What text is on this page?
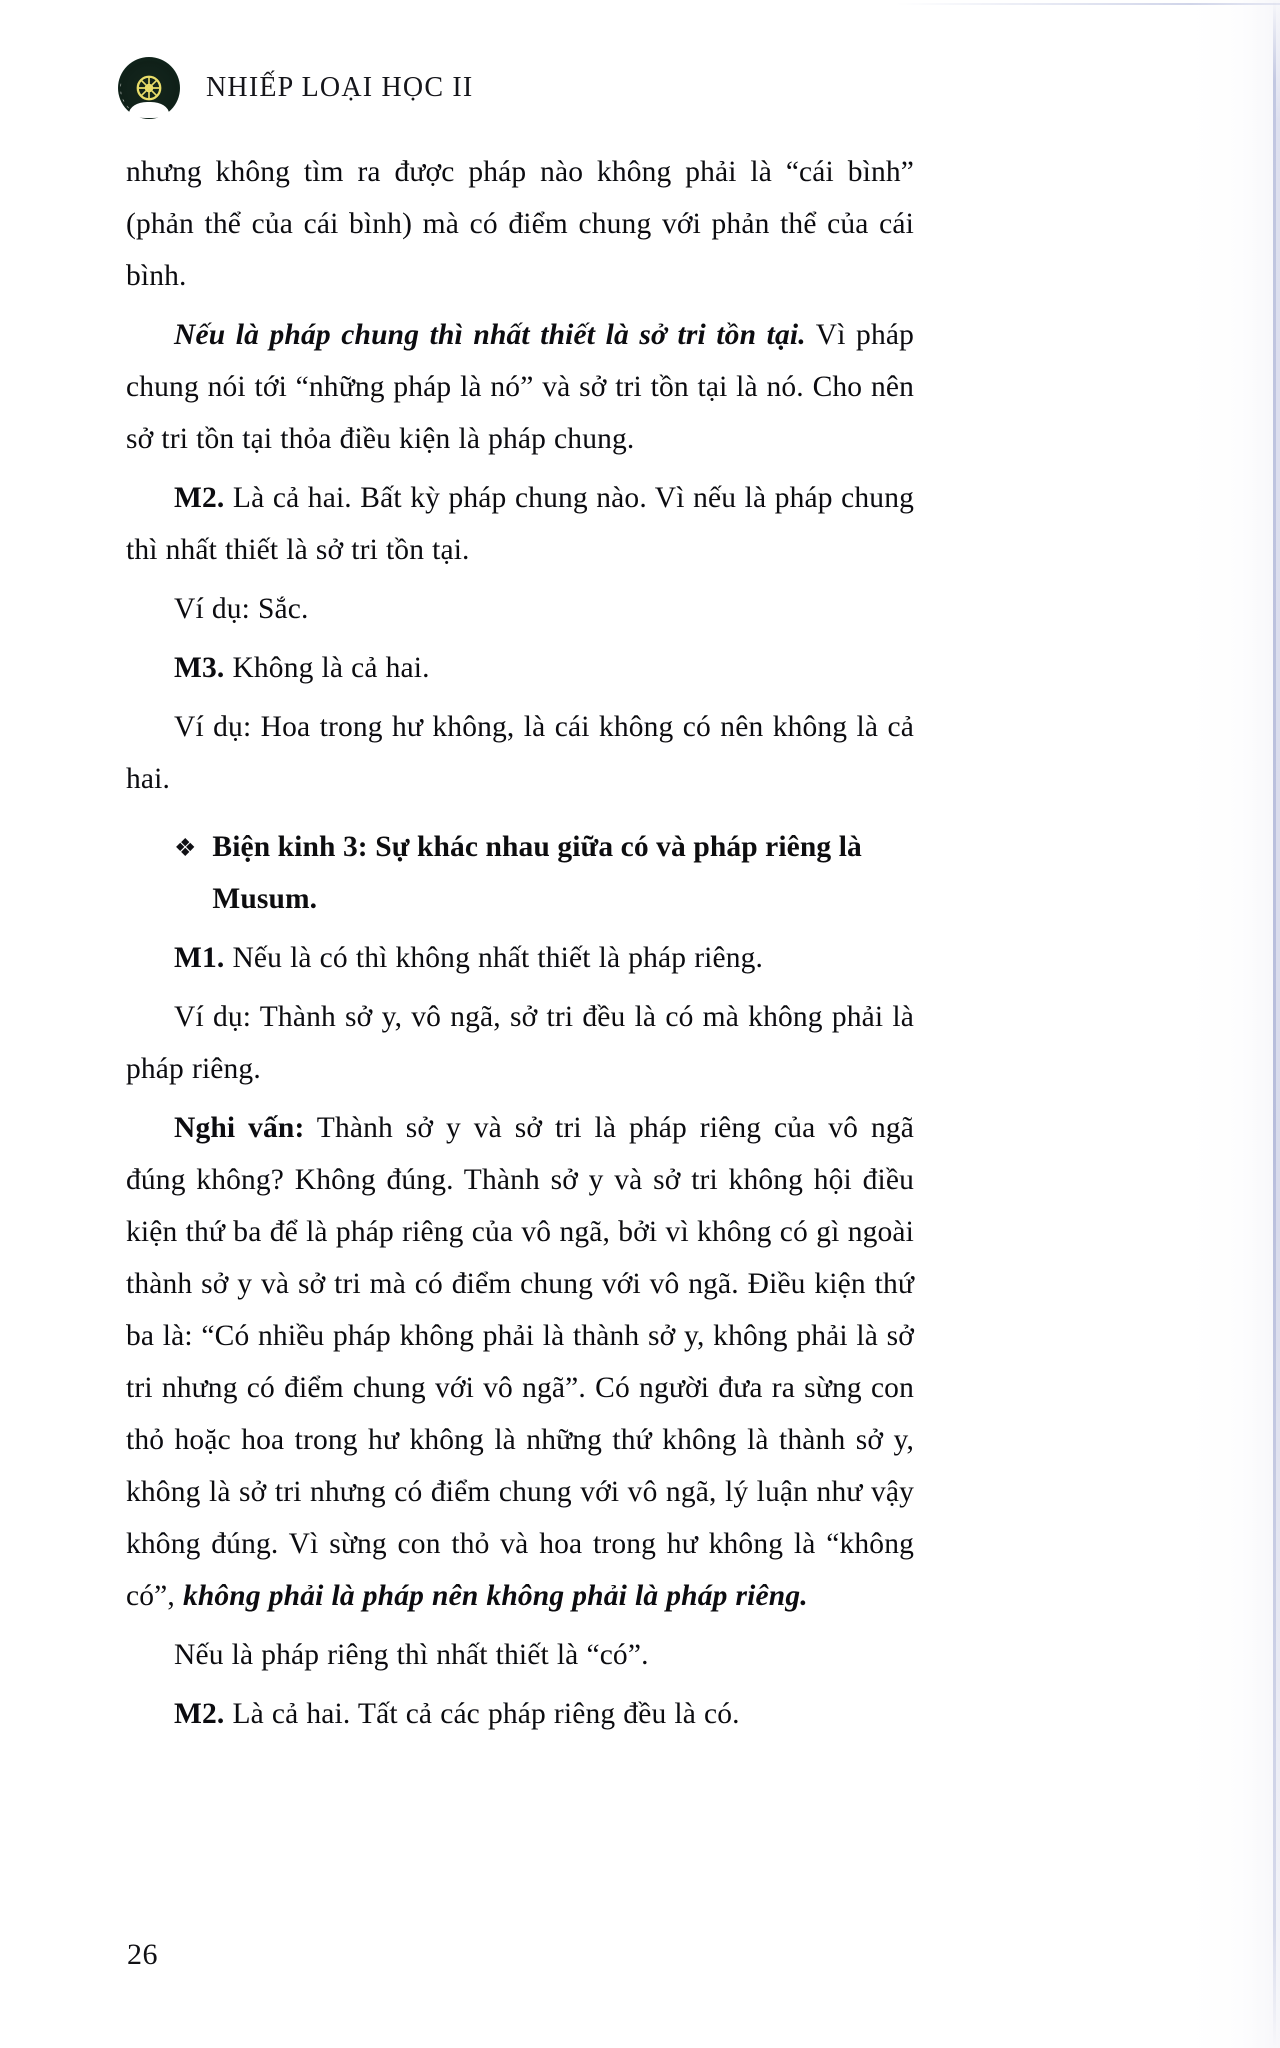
NHIẾP LOẠI HỌC II

nhưng không tìm ra được pháp nào không phải là “cái bình” (phản thể của cái bình) mà có điểm chung với phản thể của cái bình.

Nếu là pháp chung thì nhất thiết là sở tri tồn tại. Vì pháp chung nói tới “những pháp là nó” và sở tri tồn tại là nó. Cho nên sở tri tồn tại thỏa điều kiện là pháp chung.

M2. Là cả hai. Bất kỳ pháp chung nào. Vì nếu là pháp chung thì nhất thiết là sở tri tồn tại.

Ví dụ: Sắc.

M3. Không là cả hai.

Ví dụ: Hoa trong hư không, là cái không có nên không là cả hai.

❖ Biện kinh 3: Sự khác nhau giữa có và pháp riêng là Musum.

M1. Nếu là có thì không nhất thiết là pháp riêng.

Ví dụ: Thành sở y, vô ngã, sở tri đều là có mà không phải là pháp riêng.

Nghi vấn: Thành sở y và sở tri là pháp riêng của vô ngã đúng không? Không đúng. Thành sở y và sở tri không hội điều kiện thứ ba để là pháp riêng của vô ngã, bởi vì không có gì ngoài thành sở y và sở tri mà có điểm chung với vô ngã. Điều kiện thứ ba là: “Có nhiều pháp không phải là thành sở y, không phải là sở tri nhưng có điểm chung với vô ngã”. Có người đưa ra sừng con thỏ hoặc hoa trong hư không là những thứ không là thành sở y, không là sở tri nhưng có điểm chung với vô ngã, lý luận như vậy không đúng. Vì sừng con thỏ và hoa trong hư không là “không có”, không phải là pháp nên không phải là pháp riêng.

Nếu là pháp riêng thì nhất thiết là “có”.

M2. Là cả hai. Tất cả các pháp riêng đều là có.

26
